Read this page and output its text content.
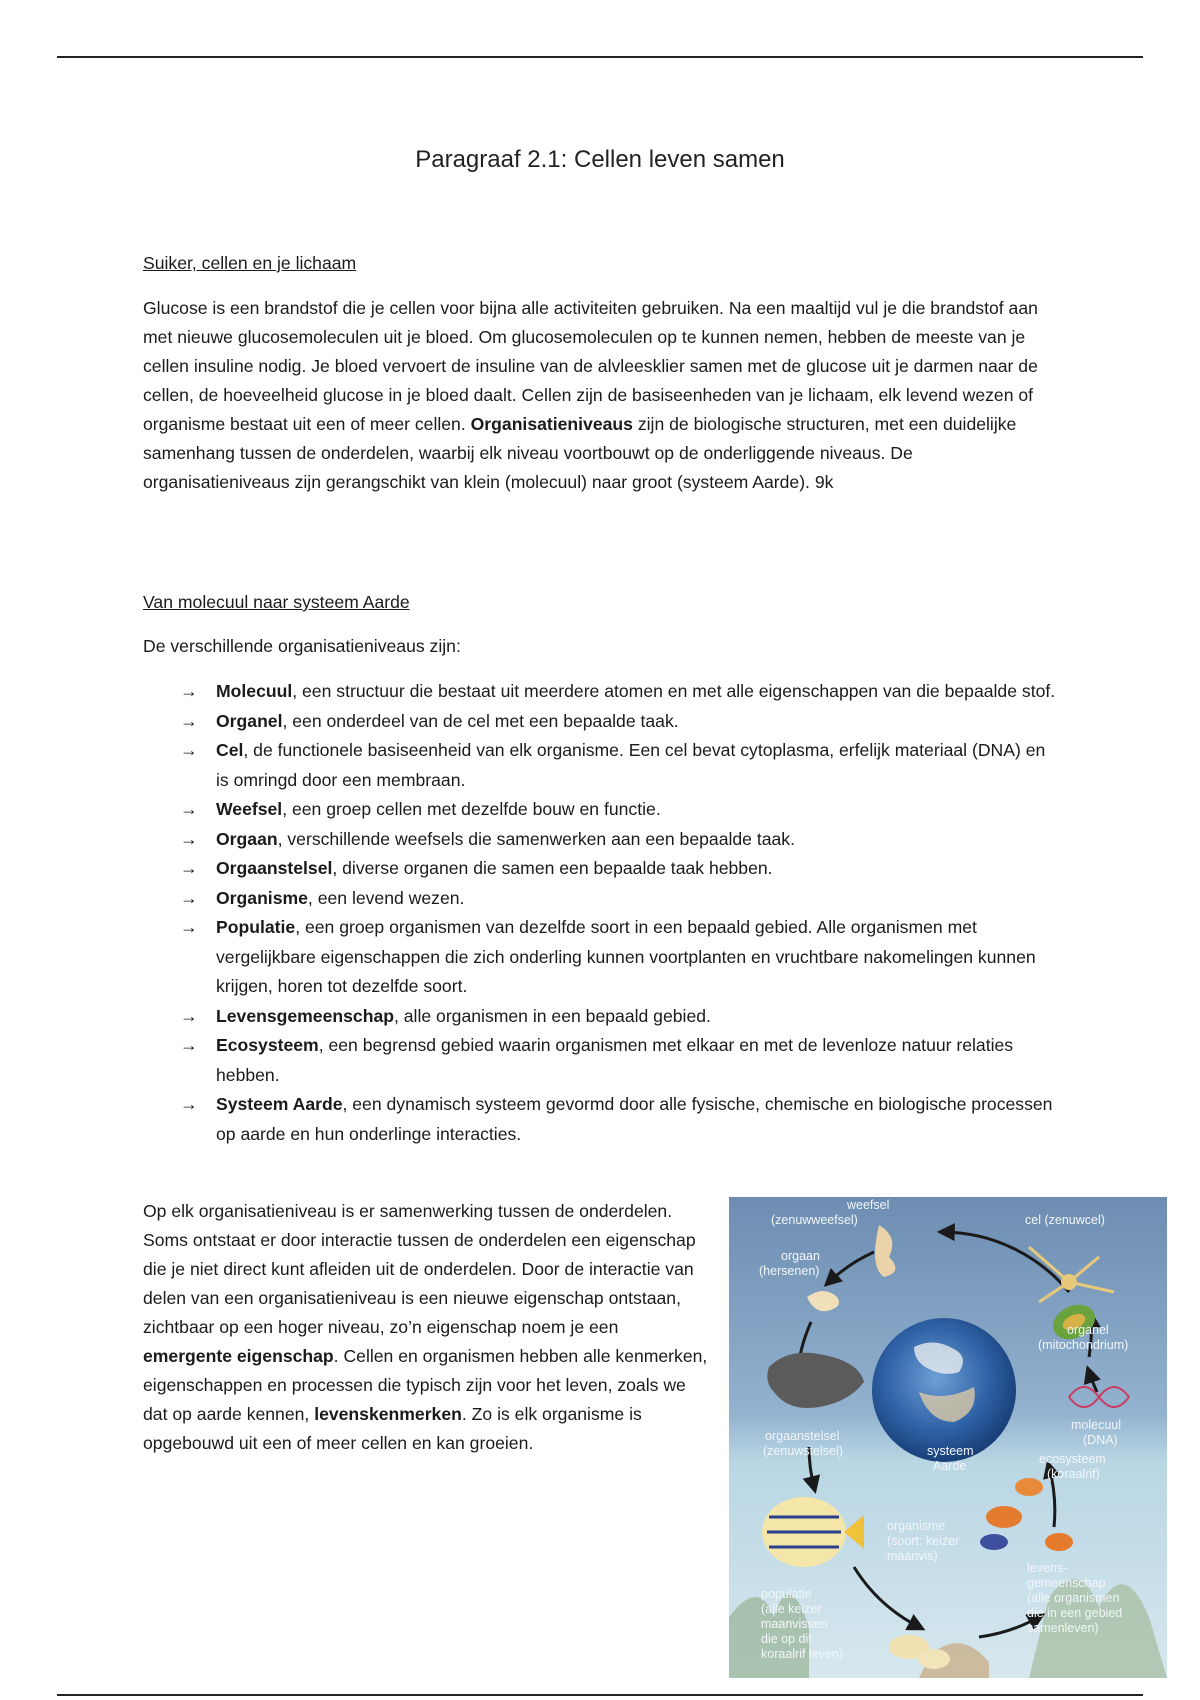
Paragraaf 2.1: Cellen leven samen

Suiker, cellen en je lichaam

Glucose is een brandstof die je cellen voor bijna alle activiteiten gebruiken. Na een maaltijd vul je die brandstof aan met nieuwe glucosemoleculen uit je bloed. Om glucosemoleculen op te kunnen nemen, hebben de meeste van je cellen insuline nodig. Je bloed vervoert de insuline van de alvleesklier samen met de glucose uit je darmen naar de cellen, de hoeveelheid glucose in je bloed daalt. Cellen zijn de basiseenheden van je lichaam, elk levend wezen of organisme bestaat uit een of meer cellen. Organisatieniveaus zijn de biologische structuren, met een duidelijke samenhang tussen de onderdelen, waarbij elk niveau voortbouwt op de onderliggende niveaus. De organisatieniveaus zijn gerangschikt van klein (molecuul) naar groot (systeem Aarde). 9k

Van molecuul naar systeem Aarde

De verschillende organisatieniveaus zijn:

→ Molecuul, een structuur die bestaat uit meerdere atomen en met alle eigenschappen van die bepaalde stof.
→ Organel, een onderdeel van de cel met een bepaalde taak.
→ Cel, de functionele basiseenheid van elk organisme. Een cel bevat cytoplasma, erfelijk materiaal (DNA) en is omringd door een membraan.
→ Weefsel, een groep cellen met dezelfde bouw en functie.
→ Orgaan, verschillende weefsels die samenwerken aan een bepaalde taak.
→ Orgaanstelsel, diverse organen die samen een bepaalde taak hebben.
→ Organisme, een levend wezen.
→ Populatie, een groep organismen van dezelfde soort in een bepaald gebied. Alle organismen met vergelijkbare eigenschappen die zich onderling kunnen voortplanten en vruchtbare nakomelingen kunnen krijgen, horen tot dezelfde soort.
→ Levensgemeenschap, alle organismen in een bepaald gebied.
→ Ecosysteem, een begrensd gebied waarin organismen met elkaar en met de levenloze natuur relaties hebben.
→ Systeem Aarde, een dynamisch systeem gevormd door alle fysische, chemische en biologische processen op aarde en hun onderlinge interacties.

Op elk organisatieniveau is er samenwerking tussen de onderdelen. Soms ontstaat er door interactie tussen de onderdelen een eigenschap die je niet direct kunt afleiden uit de onderdelen. Door de interactie van delen van een organisatieniveau is een nieuwe eigenschap ontstaan, zichtbaar op een hoger niveau, zo’n eigenschap noem je een emergente eigenschap. Cellen en organismen hebben alle kenmerken, eigenschappen en processen die typisch zijn voor het leven, zoals we dat op aarde kennen, levenskenmerken. Zo is elk organisme is opgebouwd uit een of meer cellen en kan groeien.

weefsel
(zenuwweefsel)	cel (zenuwcel)
orgaan
(hersenen)
organel
(mitochondrium)
molecuul
(DNA)
orgaanstelsel
(zenuwstelsel)	systeem
Aarde	ecosysteem
(koraalrif)
organisme
(soort: keizer
maanvis)
levens-
gemeenschap
(alle organismen
die in een gebied
samenleven)
populatie
(alle keizer
maanvissen
die op dit
koraalrif leven)
